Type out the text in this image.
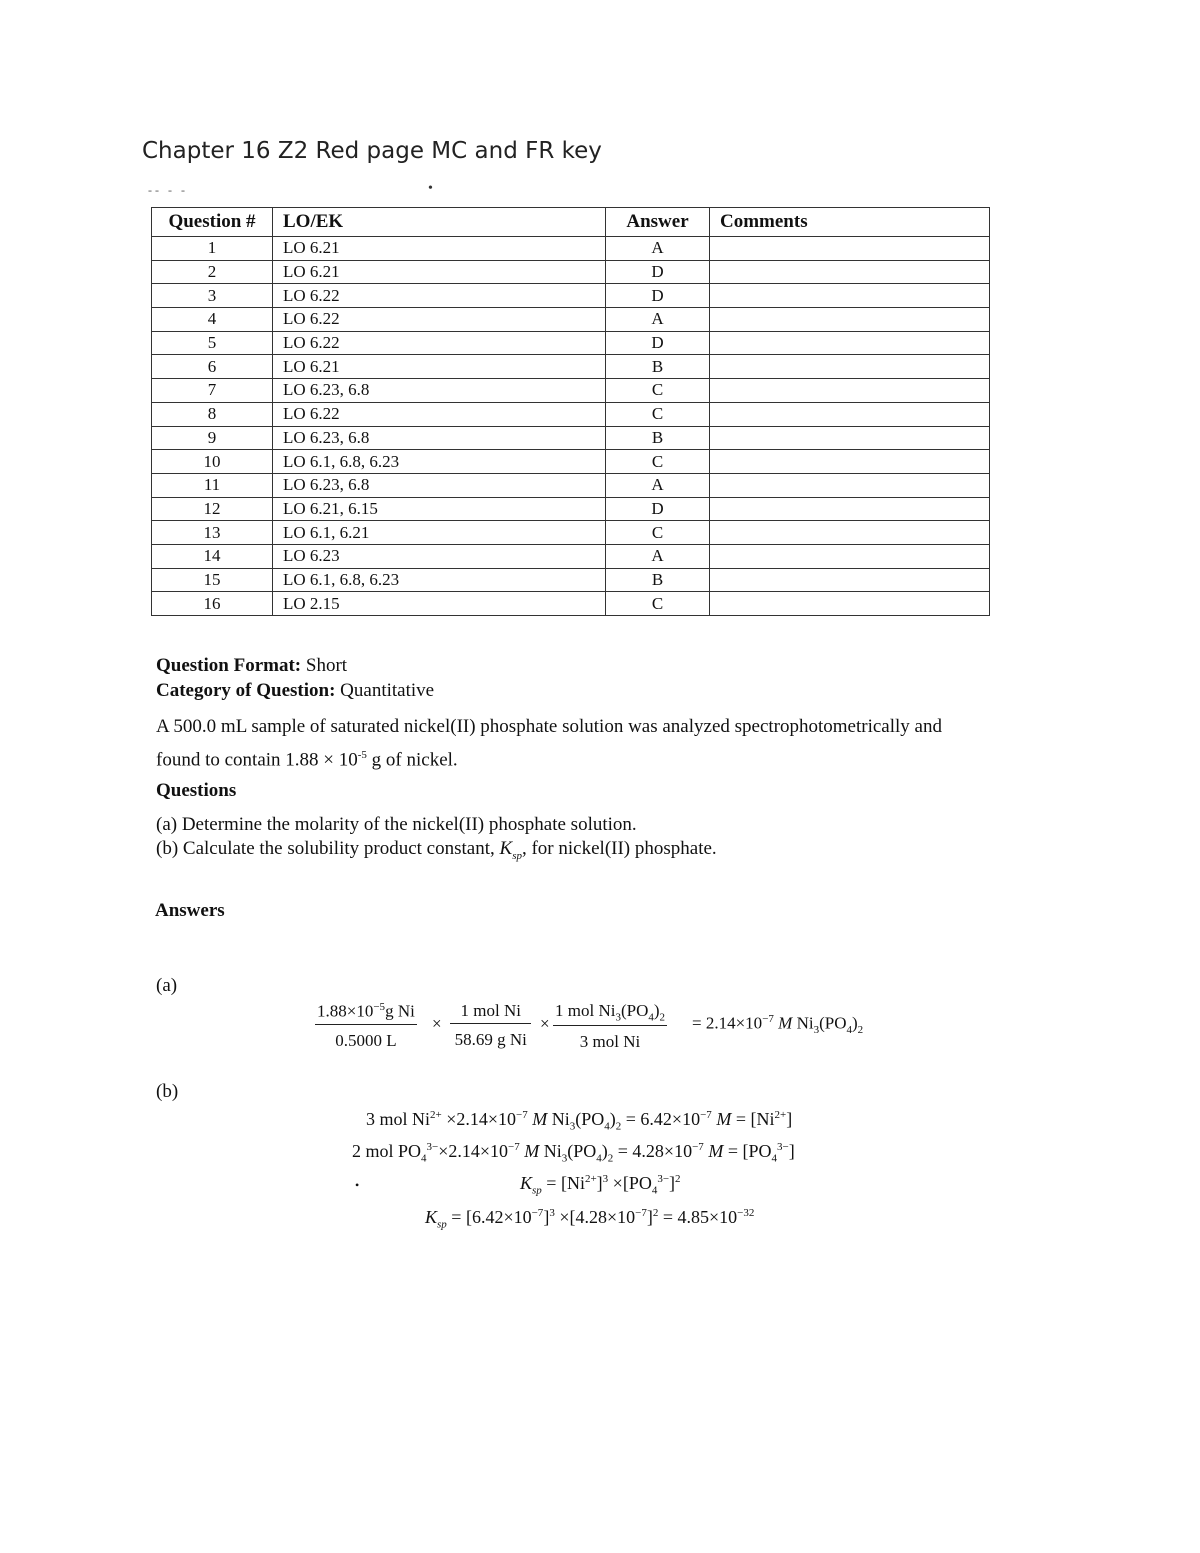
Chapter 16 Z2 Red page MC and FR key
-- - -	•
Question #	LO/EK	Answer	Comments
1	LO 6.21	A	
2	LO 6.21	D	
3	LO 6.22	D	
4	LO 6.22	A	
5	LO 6.22	D	
6	LO 6.21	B	
7	LO 6.23, 6.8	C	
8	LO 6.22	C	
9	LO 6.23, 6.8	B	
10	LO 6.1, 6.8, 6.23	C	
11	LO 6.23, 6.8	A	
12	LO 6.21, 6.15	D	
13	LO 6.1, 6.21	C	
14	LO 6.23	A	
15	LO 6.1, 6.8, 6.23	B	
16	LO 2.15	C	
Question Format: Short
Category of Question: Quantitative
A 500.0 mL sample of saturated nickel(II) phosphate solution was analyzed spectrophotometrically and
found to contain $1.88 \times 10^{-5}$ g of nickel.
Questions
(a) Determine the molarity of the nickel(II) phosphate solution.
(b) Calculate the solubility product constant, $K_{sp}$, for nickel(II) phosphate.
Answers
(a)
(b)
$\frac{1.88\times 10^{-5}g Ni}{0.5000 L}$ ×
1 mol Ni
58.69 g Ni
×
1 mol $Ni_3(PO_4)_2$
3 mol Ni
= $2.14\times 10^{-7}$ M $Ni_3(PO_4)_2$
3 mol $Ni^{2+} \times 2.14\times 10^{-7}$ M $Ni_3(PO_4)_2 = 6.42\times 10^{-7}$ $M = [Ni^{2+}]$
2 mol $PO_4^{3-}\times 2.14\times 10^{-7}$ M $Ni_3(PO_4)_2 = 4.28\times 10^{-7}$ $M = [PO_4^{3-}]$
•	$K_{sp} = [Ni^{2+}]^3 \times[PO_4^{3-}]^2$
$K_{sp} = [6.42\times 10^{-7}]^3 \times[4.28\times 10^{-7}]^2 = 4.85\times 10^{-32}$
